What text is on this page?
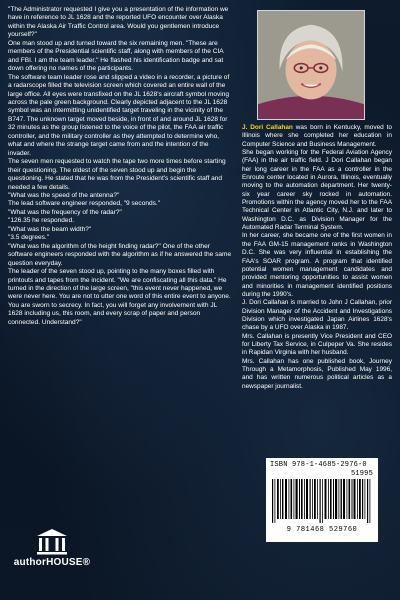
"The Administrator requested I give you a presentation of the information we have in reference to JL 1628 and the reported UFO encounter over Alaska within the Alaska Air Traffic Control area. Would you gentlemen introduce yourself?"

One man stood up and turned toward the six remaining men. "These are members of the Presidential scientific staff, along with members of the CIA and FBI. I am the team leader." He flashed his identification badge and sat down offering no names of the participants.

The software team leader rose and slipped a video in a recorder, a picture of a radarscope filled the television screen which covered an entire wall of the large office. All eyes were transfixed on the JL 1628's aircraft symbol moving across the pale green background. Clearly depicted adjacent to the JL 1628 symbol was an intermitting unidentified target traveling in the vicinity of the B747. The unknown target moved beside, in front of and around JL 1628 for 32 minutes as the group listened to the voice of the pilot, the FAA air traffic controller, and the military controller as they attempted to determine who, what and where the strange target came from and the intention of the invader.

The seven men requested to watch the tape two more times before starting their questioning. The oldest of the seven stood up and begin the questioning. He stated that he was from the President's scientific staff and needed a few details.

"What was the speed of the antenna?"

The lead software engineer responded, "9 seconds."

"What was the frequency of the radar?"

"126.35 he responded.

"What was the beam width?"

"3.5 degrees."

"What was the algorithm of the height finding radar?" One of the other software engineers responded with the algorithm as if he answered the same question everyday.

The leader of the seven stood up, pointing to the many boxes filled with printouts and tapes from the incident. "We are confiscating all this data." He turned in the direction of the large screen, "this event never happened, we were never here. You are not to utter one word of this entire event to anyone. You are sworn to secrecy. In fact, you will forget any involvement with JL 1628 including us, this room, and every scrap of paper and person connected. Understand?"

J. Dori Callahan was born in Kentucky, moved to Illinois where she completed her education in Computer Science and Business Management.

She began working for the Federal Aviation Agency (FAA) in the air traffic field. J Dori Callahan began her long career in the FAA as a controller in the Enroute center located in Aurora, Illinois, eventually moving to the automation department. Her twenty-six year career sky rocked in automation. Promotions within the agency moved her to the FAA Technical Center in Atlantic City, N.J. and later to Washington D.C. as Division Manager for the Automated Radar Terminal System.

In her career, she became one of the first women in the FAA GM-15 management ranks in Washington D.C. She was very influential in establishing the FAA's SOAR program. A program that identified potential women management candidates and provided mentoring opportunities to assist women and minorities in management identified positions during the 1990's.

J. Dori Callahan is married to John J Callahan, prior Division Manager of the Accident and Investigations Division which investigated Japan Airlines 1628's chase by a UFO over Alaska in 1987.

Mrs. Callahan is presently Vice President and CEO for Liberty Tax Service, in Culpeper Va. She resides in Rapidan Virginia with her husband.

Mrs. Callahan has one published book, Journey Through a Metamorphosis, Published May 1996, and has written numerous political articles as a newspaper journalist.

ISBN 978-1-4685-2976-0
51995
9 781468 529760
authorHOUSE®
